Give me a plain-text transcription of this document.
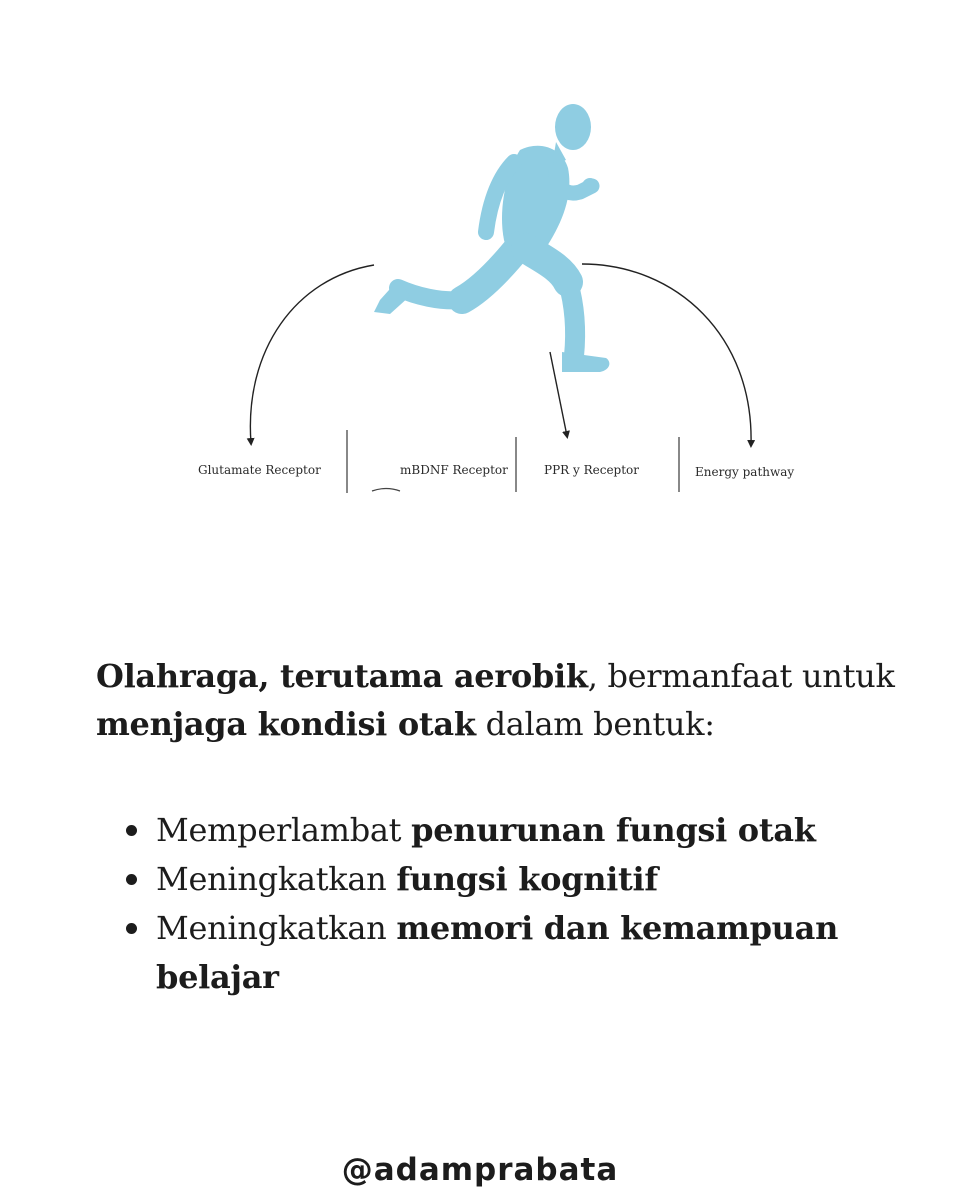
Glutamate Receptor	mBDNF Receptor	PPR y Receptor	Energy pathway

Olahraga, terutama aerobik, bermanfaat untuk menjaga kondisi otak dalam bentuk:

Memperlambat penurunan fungsi otak
Meningkatkan fungsi kognitif
Meningkatkan memori dan kemampuan belajar

@adamprabata
